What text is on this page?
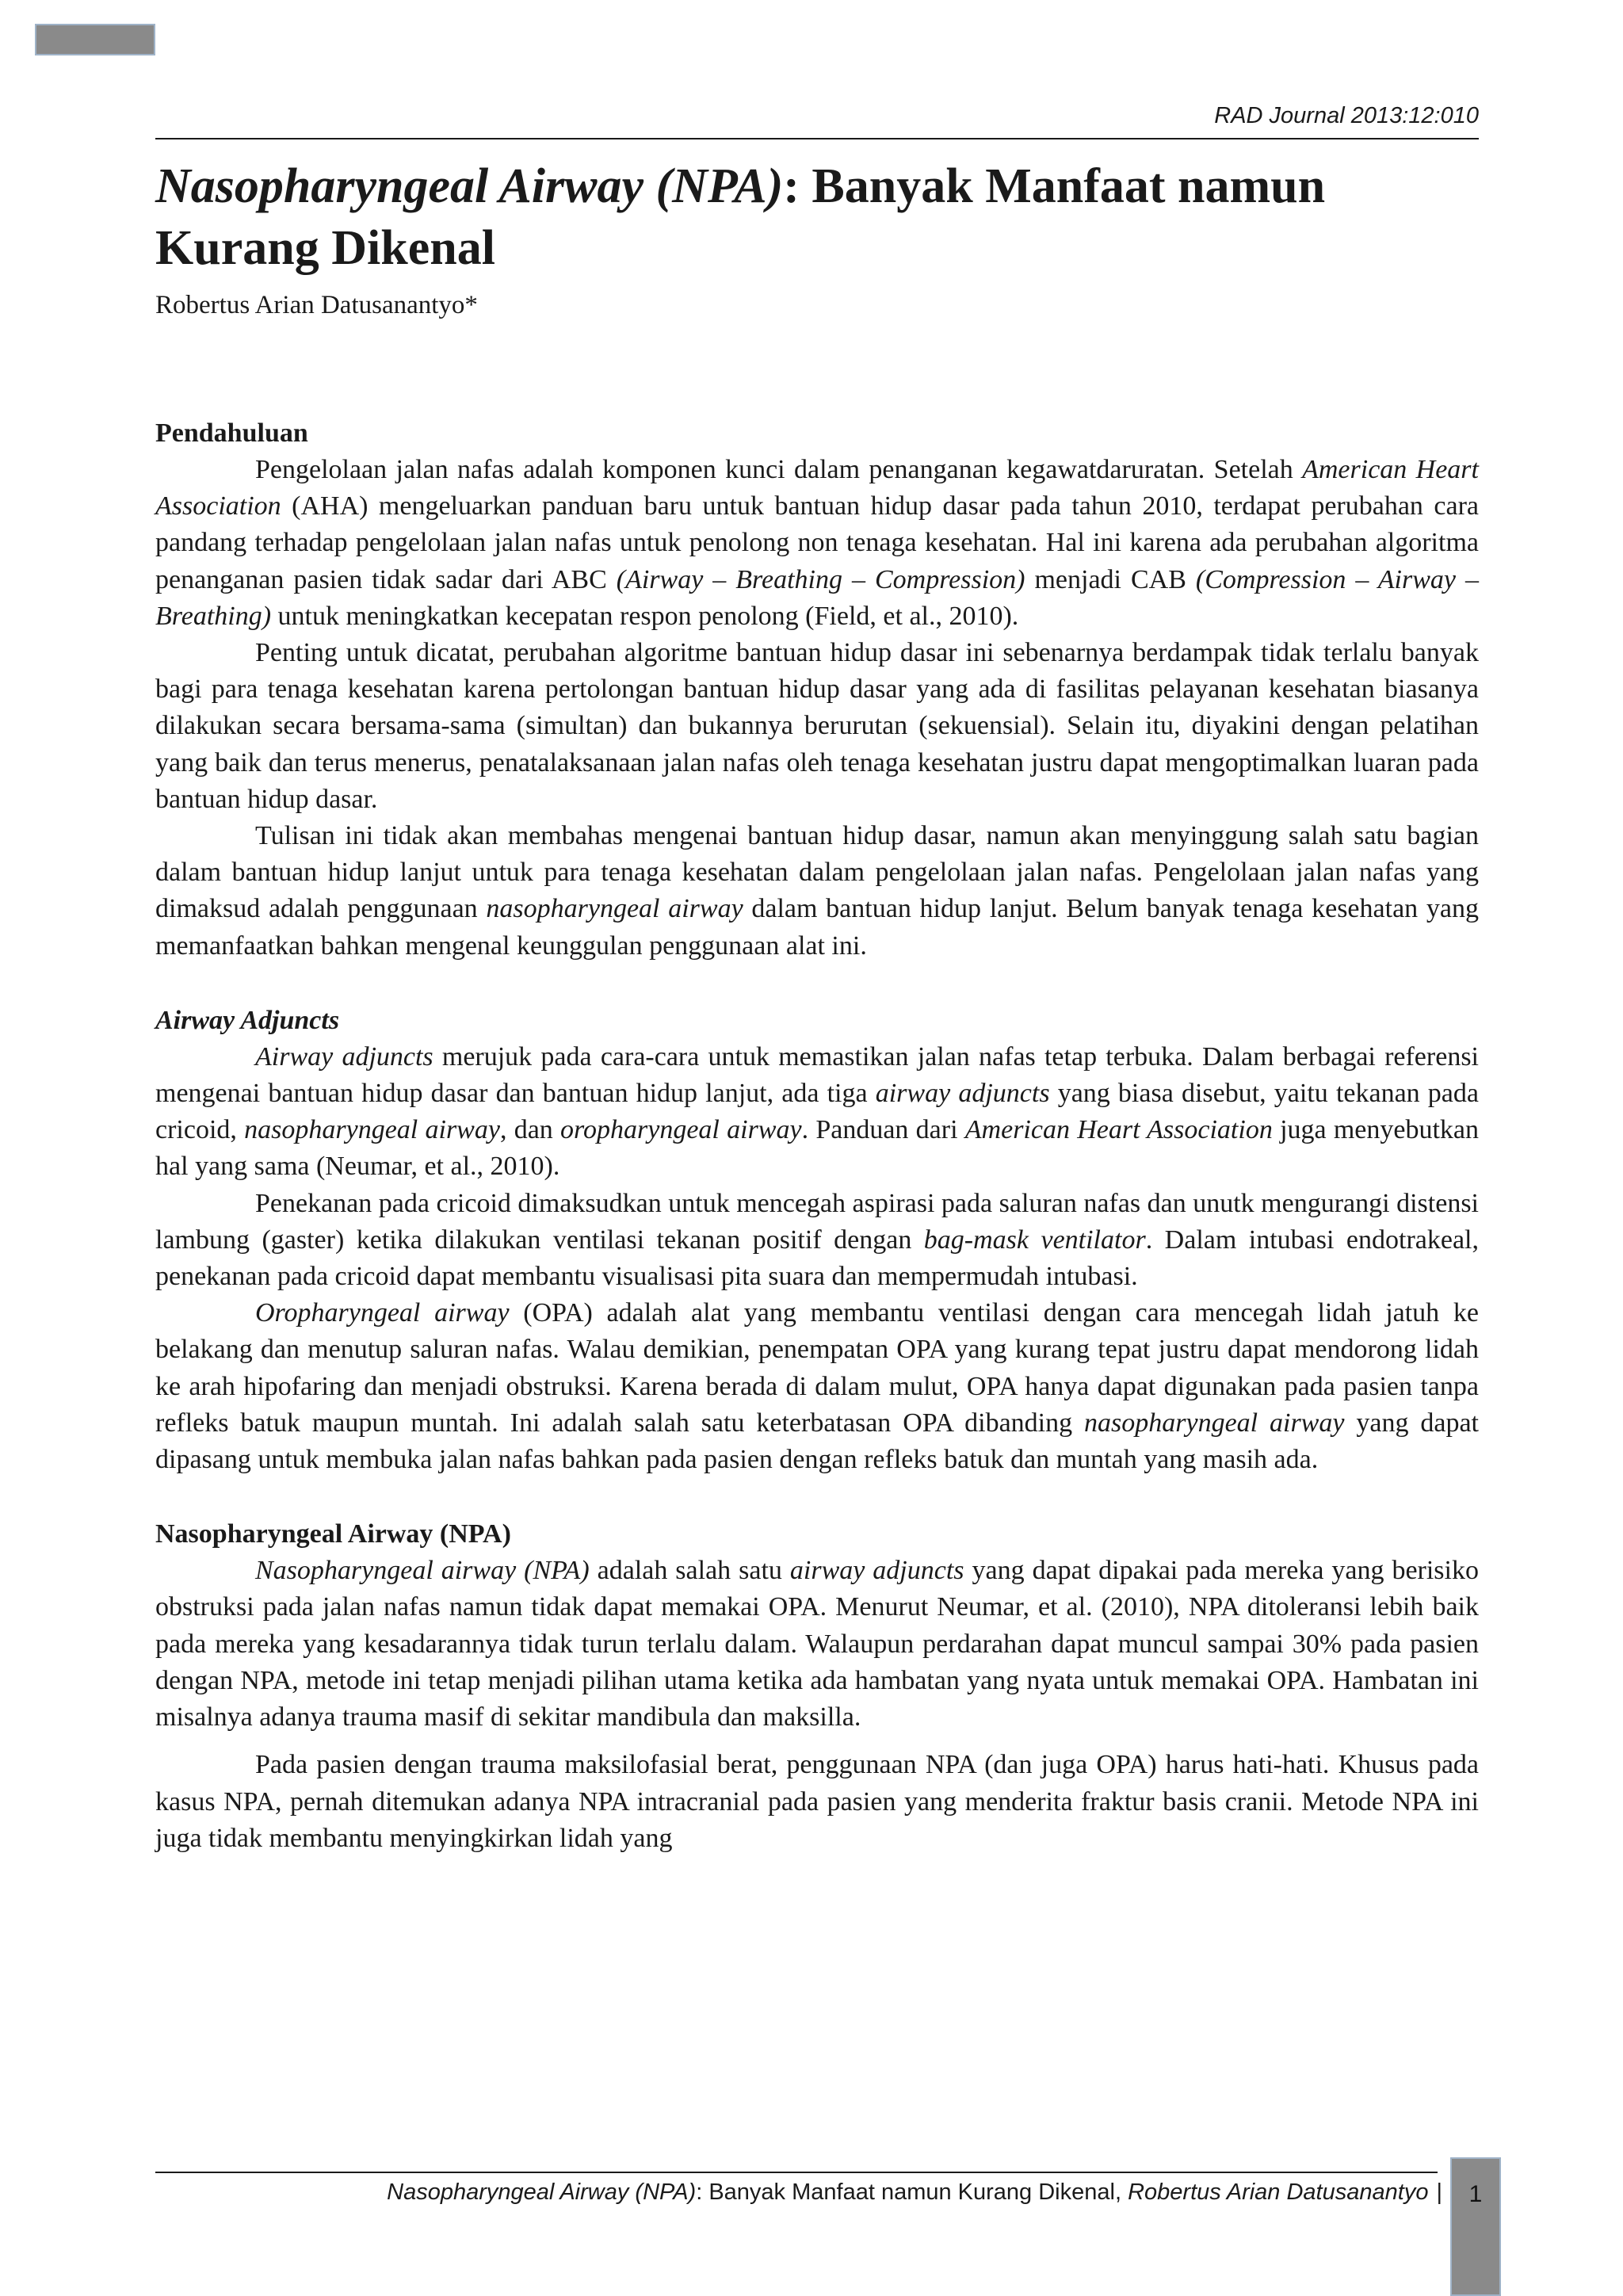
RAD Journal 2013:12:010
Nasopharyngeal Airway (NPA): Banyak Manfaat namun Kurang Dikenal

Robertus Arian Datusanantyo*

Pendahuluan

Pengelolaan jalan nafas adalah komponen kunci dalam penanganan kegawatdaruratan. Setelah American Heart Association (AHA) mengeluarkan panduan baru untuk bantuan hidup dasar pada tahun 2010, terdapat perubahan cara pandang terhadap pengelolaan jalan nafas untuk penolong non tenaga kesehatan. Hal ini karena ada perubahan algoritma penanganan pasien tidak sadar dari ABC (Airway – Breathing – Compression) menjadi CAB (Compression – Airway – Breathing) untuk meningkatkan kecepatan respon penolong (Field, et al., 2010).

Penting untuk dicatat, perubahan algoritme bantuan hidup dasar ini sebenarnya berdampak tidak terlalu banyak bagi para tenaga kesehatan karena pertolongan bantuan hidup dasar yang ada di fasilitas pelayanan kesehatan biasanya dilakukan secara bersama-sama (simultan) dan bukannya berurutan (sekuensial). Selain itu, diyakini dengan pelatihan yang baik dan terus menerus, penatalaksanaan jalan nafas oleh tenaga kesehatan justru dapat mengoptimalkan luaran pada bantuan hidup dasar.

Tulisan ini tidak akan membahas mengenai bantuan hidup dasar, namun akan menyinggung salah satu bagian dalam bantuan hidup lanjut untuk para tenaga kesehatan dalam pengelolaan jalan nafas. Pengelolaan jalan nafas yang dimaksud adalah penggunaan nasopharyngeal airway dalam bantuan hidup lanjut. Belum banyak tenaga kesehatan yang memanfaatkan bahkan mengenal keunggulan penggunaan alat ini.

Airway Adjuncts

Airway adjuncts merujuk pada cara-cara untuk memastikan jalan nafas tetap terbuka. Dalam berbagai referensi mengenai bantuan hidup dasar dan bantuan hidup lanjut, ada tiga airway adjuncts yang biasa disebut, yaitu tekanan pada cricoid, nasopharyngeal airway, dan oropharyngeal airway. Panduan dari American Heart Association juga menyebutkan hal yang sama (Neumar, et al., 2010).

Penekanan pada cricoid dimaksudkan untuk mencegah aspirasi pada saluran nafas dan unutk mengurangi distensi lambung (gaster) ketika dilakukan ventilasi tekanan positif dengan bag-mask ventilator. Dalam intubasi endotrakeal, penekanan pada cricoid dapat membantu visualisasi pita suara dan mempermudah intubasi.

Oropharyngeal airway (OPA) adalah alat yang membantu ventilasi dengan cara mencegah lidah jatuh ke belakang dan menutup saluran nafas. Walau demikian, penempatan OPA yang kurang tepat justru dapat mendorong lidah ke arah hipofaring dan menjadi obstruksi. Karena berada di dalam mulut, OPA hanya dapat digunakan pada pasien tanpa refleks batuk maupun muntah. Ini adalah salah satu keterbatasan OPA dibanding nasopharyngeal airway yang dapat dipasang untuk membuka jalan nafas bahkan pada pasien dengan refleks batuk dan muntah yang masih ada.

Nasopharyngeal Airway (NPA)

Nasopharyngeal airway (NPA) adalah salah satu airway adjuncts yang dapat dipakai pada mereka yang berisiko obstruksi pada jalan nafas namun tidak dapat memakai OPA. Menurut Neumar, et al. (2010), NPA ditoleransi lebih baik pada mereka yang kesadarannya tidak turun terlalu dalam. Walaupun perdarahan dapat muncul sampai 30% pada pasien dengan NPA, metode ini tetap menjadi pilihan utama ketika ada hambatan yang nyata untuk memakai OPA. Hambatan ini misalnya adanya trauma masif di sekitar mandibula dan maksilla.

Pada pasien dengan trauma maksilofasial berat, penggunaan NPA (dan juga OPA) harus hati-hati. Khusus pada kasus NPA, pernah ditemukan adanya NPA intracranial pada pasien yang menderita fraktur basis cranii. Metode NPA ini juga tidak membantu menyingkirkan lidah yang

Nasopharyngeal Airway (NPA): Banyak Manfaat namun Kurang Dikenal, Robertus Arian Datusanantyo |	1
